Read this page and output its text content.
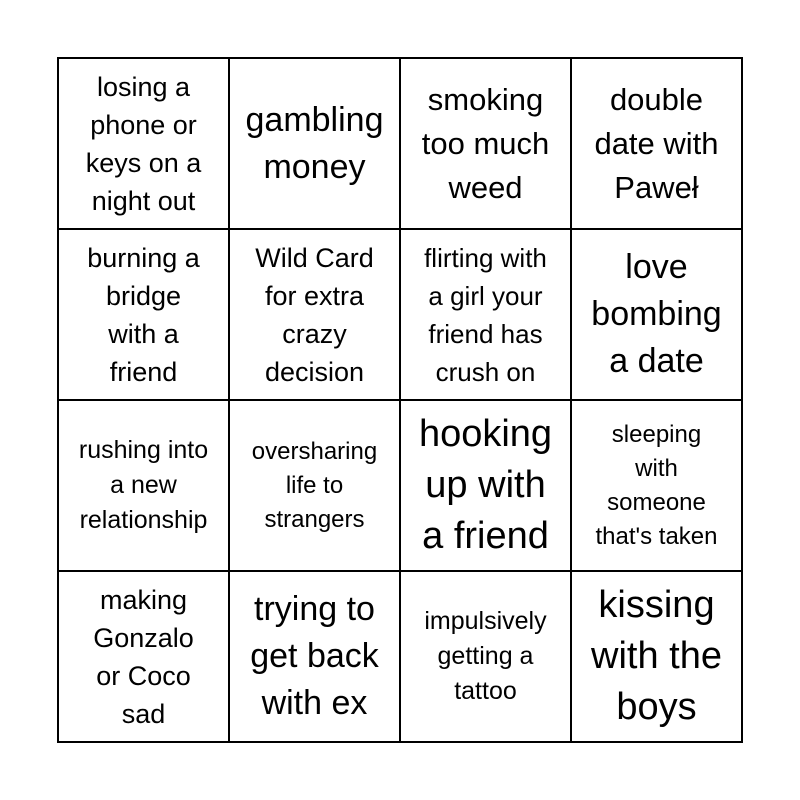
losing a
phone or
keys on a
night out
gambling
money
smoking
too much
weed
double
date with
Paweł
burning a
bridge
with a
friend
Wild Card
for extra
crazy
decision
flirting with
a girl your
friend has
crush on
love
bombing
a date
rushing into
a new
relationship
oversharing
life to
strangers
hooking
up with
a friend
sleeping
with
someone
that's taken
making
Gonzalo
or Coco
sad
trying to
get back
with ex
impulsively
getting a
tattoo
kissing
with the
boys
